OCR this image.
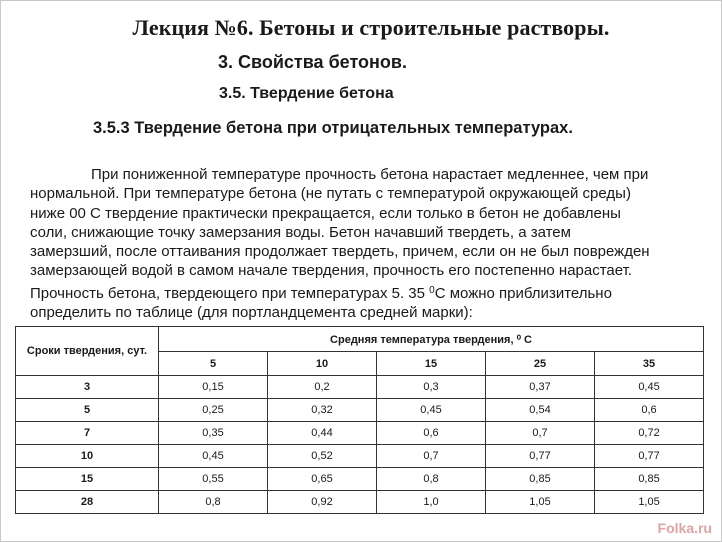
Лекция №6. Бетоны и строительные растворы.
3. Свойства бетонов.
3.5. Твердение бетона
3.5.3 Твердение бетона при отрицательных температурах.
При пониженной температуре прочность бетона нарастает медленнее, чем при
нормальной. При температуре бетона (не путать с температурой окружающей среды)
ниже 00 С твердение практически прекращается, если только в бетон не добавлены
соли, снижающие точку замерзания воды. Бетон начавший твердеть, а затем
замерзший, после оттаивания продолжает твердеть, причем, если он не был поврежден
замерзающей водой в самом начале твердения, прочность его постепенно нарастает.
Прочность бетона, твердеющего при температурах 5. 35 $^0$С можно приблизительно
определить по таблице (для портландцемента средней марки):
Сроки твердения, сут.	Средняя температура твердения, ⁰ С				
	5	10	15	25	35
3	0,15	0,2	0,3	0,37	0,45
5	0,25	0,32	0,45	0,54	0,6
7	0,35	0,44	0,6	0,7	0,72
10	0,45	0,52	0,7	0,77	0,77
15	0,55	0,65	0,8	0,85	0,85
28	0,8	0,92	1,0	1,05	1,05
Folka.ru
